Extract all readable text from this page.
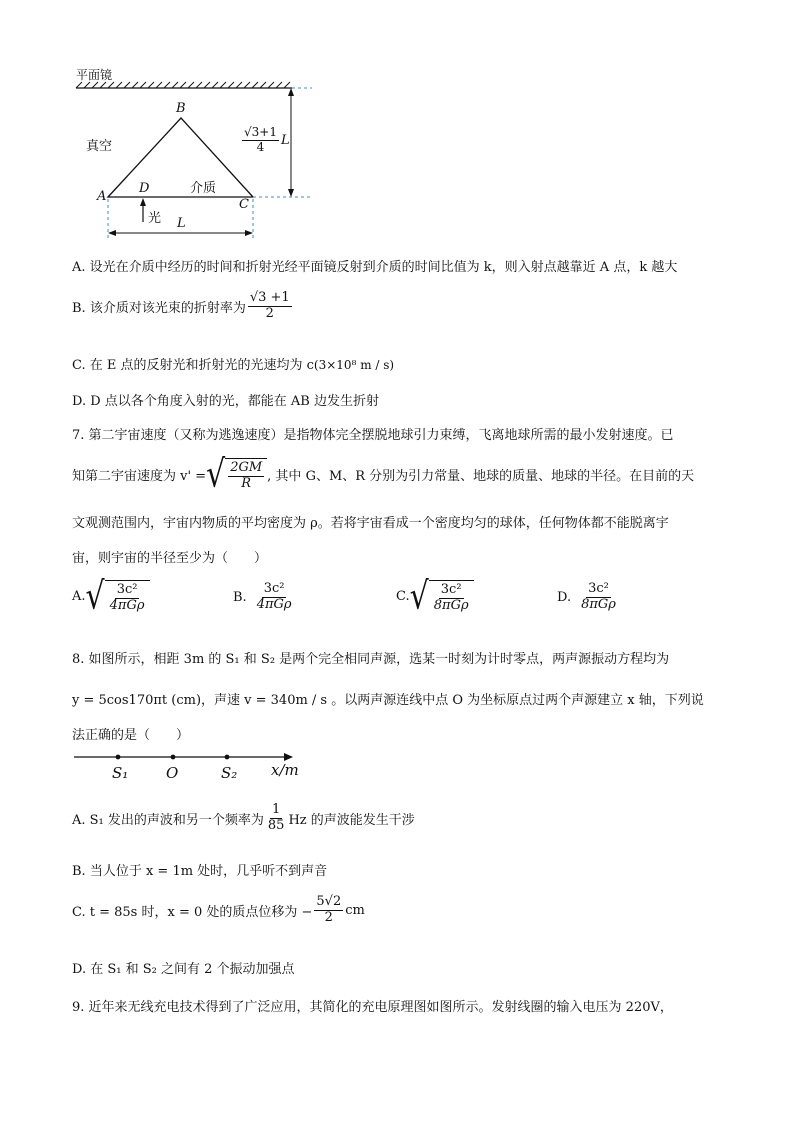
平面镜
真空
B
A
D	介质
C
光 L
$\frac{√3+1}{4}$ L
A. 设光在介质中经历的时间和折射光经平面镜反射到介质的时间比值为 k，则入射点越靠近 A 点，k 越大
B. 该介质对该光束的折射率为 $\frac{√3 +1}{2}$
C. 在 E 点的反射光和折射光的光速均为 c(3×10⁸ m / s)
D. D 点以各个角度入射的光，都能在 AB 边发生折射
7. 第二宇宙速度（又称为逃逸速度）是指物体完全摆脱地球引力束缚，飞离地球所需的最小发射速度。已
知第二宇宙速度为 v' = √ $\frac{2GM}{R}$ , 其中 G、M、R 分别为引力常量、地球的质量、地球的半径。在目前的天
文观测范围内，宇宙内物质的平均密度为 ρ。若将宇宙看成一个密度均匀的球体，任何物体都不能脱离宇
宙，则宇宙的半径至少为（　　）
A. √ $\frac{\text{3c²}}{\text{4πGρ}}$	B. $\frac{\text{3c²}}{\text{4πGρ}}$	C. √ $\frac{\text{3c²}}{\text{8πGρ}}$	D. $\frac{\text{3c²}}{\text{8πGρ}}$
8. 如图所示，相距 3m 的 S₁ 和 S₂ 是两个完全相同声源，选某一时刻为计时零点，两声源振动方程均为
y = 5cos170πt (cm)，声速 v = 340m / s 。以两声源连线中点 O 为坐标原点过两个声源建立 x 轴，下列说
法正确的是（　　）
S₁	O	S₂ x/m
A. S₁ 发出的声波和另一个频率为 $\frac{1}{85}$ Hz 的声波能发生干涉
B. 当人位于 x = 1m 处时，几乎听不到声音
C. t = 85s 时，x = 0 处的质点位移为 − $\frac{5√2}{2}$ cm
D. 在 S₁ 和 S₂ 之间有 2 个振动加强点
9. 近年来无线充电技术得到了广泛应用，其简化的充电原理图如图所示。发射线圈的输入电压为 220V，
